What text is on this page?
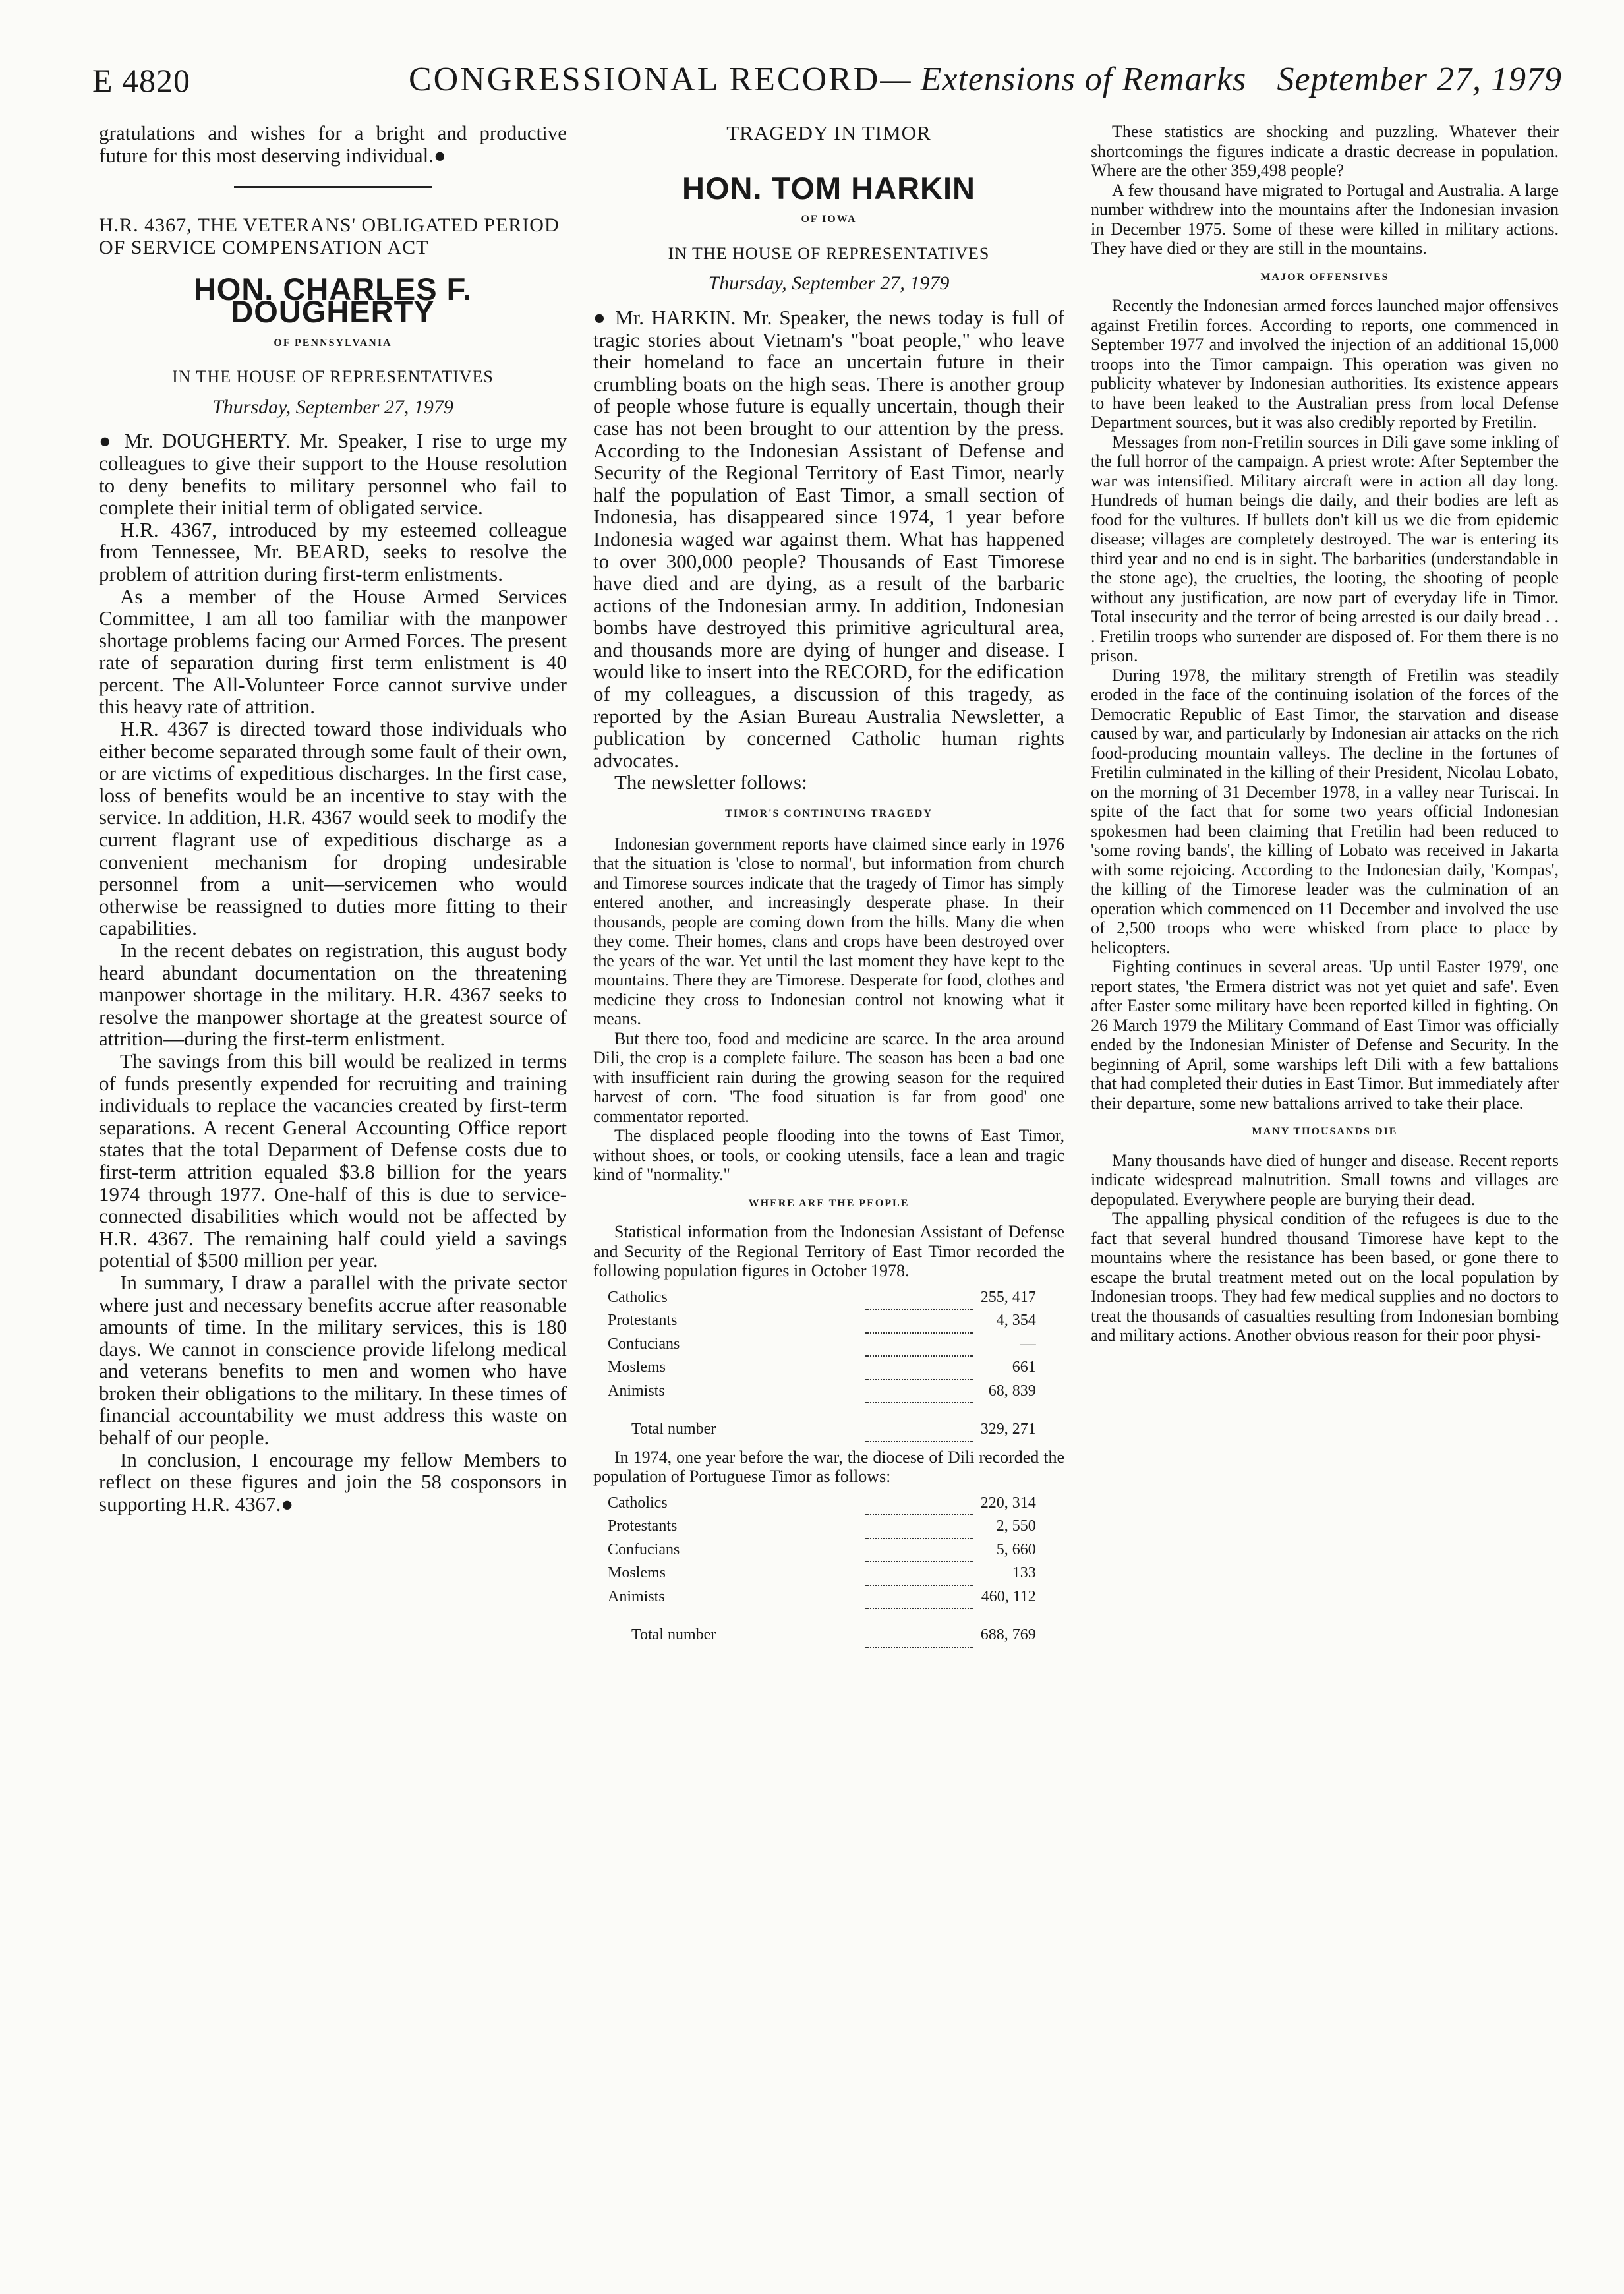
E 4820	CONGRESSIONAL RECORD— Extensions of Remarks September 27, 1979

gratulations and wishes for a bright and productive future for this most deserving individual.●

H.R. 4367, THE VETERANS' OBLIGATED PERIOD OF SERVICE COMPENSATION ACT

HON. CHARLES F. DOUGHERTY
OF PENNSYLVANIA
IN THE HOUSE OF REPRESENTATIVES
Thursday, September 27, 1979

● Mr. DOUGHERTY. Mr. Speaker, I rise to urge my colleagues to give their support to the House resolution to deny benefits to military personnel who fail to complete their initial term of obligated service.

H.R. 4367, introduced by my esteemed colleague from Tennessee, Mr. BEARD, seeks to resolve the problem of attrition during first-term enlistments.

As a member of the House Armed Services Committee, I am all too familiar with the manpower shortage problems facing our Armed Forces. The present rate of separation during first term enlistment is 40 percent. The All-Volunteer Force cannot survive under this heavy rate of attrition.

H.R. 4367 is directed toward those individuals who either become separated through some fault of their own, or are victims of expeditious discharges. In the first case, loss of benefits would be an incentive to stay with the service. In addition, H.R. 4367 would seek to modify the current flagrant use of expeditious discharge as a convenient mechanism for droping undesirable personnel from a unit—servicemen who would otherwise be reassigned to duties more fitting to their capabilities.

In the recent debates on registration, this august body heard abundant documentation on the threatening manpower shortage in the military. H.R. 4367 seeks to resolve the manpower shortage at the greatest source of attrition—during the first-term enlistment.

The savings from this bill would be realized in terms of funds presently expended for recruiting and training individuals to replace the vacancies created by first-term separations. A recent General Accounting Office report states that the total Deparment of Defense costs due to first-term attrition equaled $3.8 billion for the years 1974 through 1977. One-half of this is due to service-connected disabilities which would not be affected by H.R. 4367. The remaining half could yield a savings potential of $500 million per year.

In summary, I draw a parallel with the private sector where just and necessary benefits accrue after reasonable amounts of time. In the military services, this is 180 days. We cannot in conscience provide lifelong medical and veterans benefits to men and women who have broken their obligations to the military. In these times of financial accountability we must address this waste on behalf of our people.

In conclusion, I encourage my fellow Members to reflect on these figures and join the 58 cosponsors in supporting H.R. 4367.●

TRAGEDY IN TIMOR
HON. TOM HARKIN
OF IOWA
IN THE HOUSE OF REPRESENTATIVES
Thursday, September 27, 1979

● Mr. HARKIN. Mr. Speaker, the news today is full of tragic stories about Vietnam's "boat people," who leave their homeland to face an uncertain future in their crumbling boats on the high seas. There is another group of people whose future is equally uncertain, though their case has not been brought to our attention by the press. According to the Indonesian Assistant of Defense and Security of the Regional Territory of East Timor, nearly half the population of East Timor, a small section of Indonesia, has disappeared since 1974, 1 year before Indonesia waged war against them. What has happened to over 300,000 people? Thousands of East Timorese have died and are dying, as a result of the barbaric actions of the Indonesian army. In addition, Indonesian bombs have destroyed this primitive agricultural area, and thousands more are dying of hunger and disease. I would like to insert into the RECORD, for the edification of my colleagues, a discussion of this tragedy, as reported by the Asian Bureau Australia Newsletter, a publication by concerned Catholic human rights advocates.

The newsletter follows:

TIMOR'S CONTINUING TRAGEDY

Indonesian government reports have claimed since early in 1976 that the situation is 'close to normal', but information from church and Timorese sources indicate that the tragedy of Timor has simply entered another, and increasingly desperate phase. In their thousands, people are coming down from the hills. Many die when they come. Their homes, clans and crops have been destroyed over the years of the war. Yet until the last moment they have kept to the mountains. There they are Timorese. Desperate for food, clothes and medicine they cross to Indonesian control not knowing what it means.

But there too, food and medicine are scarce. In the area around Dili, the crop is a complete failure. The season has been a bad one with insufficient rain during the growing season for the required harvest of corn. 'The food situation is far from good' one commentator reported.

The displaced people flooding into the towns of East Timor, without shoes, or tools, or cooking utensils, face a lean and tragic kind of "normality."

WHERE ARE THE PEOPLE

Statistical information from the Indonesian Assistant of Defense and Security of the Regional Territory of East Timor recorded the following population figures in October 1978.

Catholics		255, 417
Protestants		4, 354
Confucians		—
Moslems		661
Animists		68, 839
Total number		329, 271

In 1974, one year before the war, the diocese of Dili recorded the population of Portuguese Timor as follows:

Catholics		220, 314
Protestants		2, 550
Confucians		5, 660
Moslems		133
Animists		460, 112
Total number		688, 769

These statistics are shocking and puzzling. Whatever their shortcomings the figures indicate a drastic decrease in population. Where are the other 359,498 people?

A few thousand have migrated to Portugal and Australia. A large number withdrew into the mountains after the Indonesian invasion in December 1975. Some of these were killed in military actions. They have died or they are still in the mountains.

MAJOR OFFENSIVES

Recently the Indonesian armed forces launched major offensives against Fretilin forces. According to reports, one commenced in September 1977 and involved the injection of an additional 15,000 troops into the Timor campaign. This operation was given no publicity whatever by Indonesian authorities. Its existence appears to have been leaked to the Australian press from local Defense Department sources, but it was also credibly reported by Fretilin.

Messages from non-Fretilin sources in Dili gave some inkling of the full horror of the campaign. A priest wrote: After September the war was intensified. Military aircraft were in action all day long. Hundreds of human beings die daily, and their bodies are left as food for the vultures. If bullets don't kill us we die from epidemic disease; villages are completely destroyed. The war is entering its third year and no end is in sight. The barbarities (understandable in the stone age), the cruelties, the looting, the shooting of people without any justification, are now part of everyday life in Timor. Total insecurity and the terror of being arrested is our daily bread . . . Fretilin troops who surrender are disposed of. For them there is no prison.

During 1978, the military strength of Fretilin was steadily eroded in the face of the continuing isolation of the forces of the Democratic Republic of East Timor, the starvation and disease caused by war, and particularly by Indonesian air attacks on the rich food-producing mountain valleys. The decline in the fortunes of Fretilin culminated in the killing of their President, Nicolau Lobato, on the morning of 31 December 1978, in a valley near Turiscai. In spite of the fact that for some two years official Indonesian spokesmen had been claiming that Fretilin had been reduced to 'some roving bands', the killing of Lobato was received in Jakarta with some rejoicing. According to the Indonesian daily, 'Kompas', the killing of the Timorese leader was the culmination of an operation which commenced on 11 December and involved the use of 2,500 troops who were whisked from place to place by helicopters.

Fighting continues in several areas. 'Up until Easter 1979', one report states, 'the Ermera district was not yet quiet and safe'. Even after Easter some military have been reported killed in fighting. On 26 March 1979 the Military Command of East Timor was officially ended by the Indonesian Minister of Defense and Security. In the beginning of April, some warships left Dili with a few battalions that had completed their duties in East Timor. But immediately after their departure, some new battalions arrived to take their place.

MANY THOUSANDS DIE

Many thousands have died of hunger and disease. Recent reports indicate widespread malnutrition. Small towns and villages are depopulated. Everywhere people are burying their dead.

The appalling physical condition of the refugees is due to the fact that several hundred thousand Timorese have kept to the mountains where the resistance has been based, or gone there to escape the brutal treatment meted out on the local population by Indonesian troops. They had few medical supplies and no doctors to treat the thousands of casualties resulting from Indonesian bombing and military actions. Another obvious reason for their poor physi-
